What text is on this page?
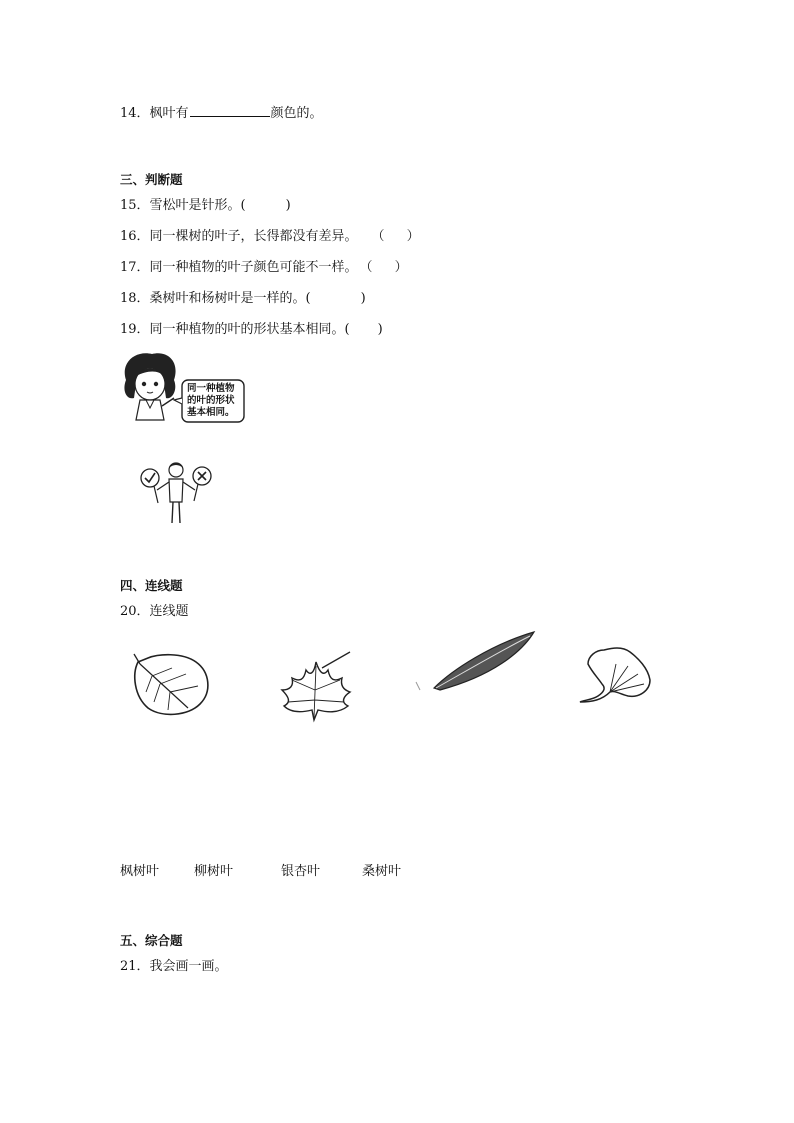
14．枫叶有	颜色的。
三、判断题
15．雪松叶是针形。(	)
16．同一棵树的叶子，长得都没有差异。 （ ）
17．同一种植物的叶子颜色可能不一样。 （ ）
18．桑树叶和杨树叶是一样的。(	)
19．同一种植物的叶的形状基本相同。( )
同一种植物
的叶的形状
基本相同。
四、连线题
20．连线题
枫树叶	柳树叶	银杏叶	桑树叶
五、综合题
21．我会画一画。
